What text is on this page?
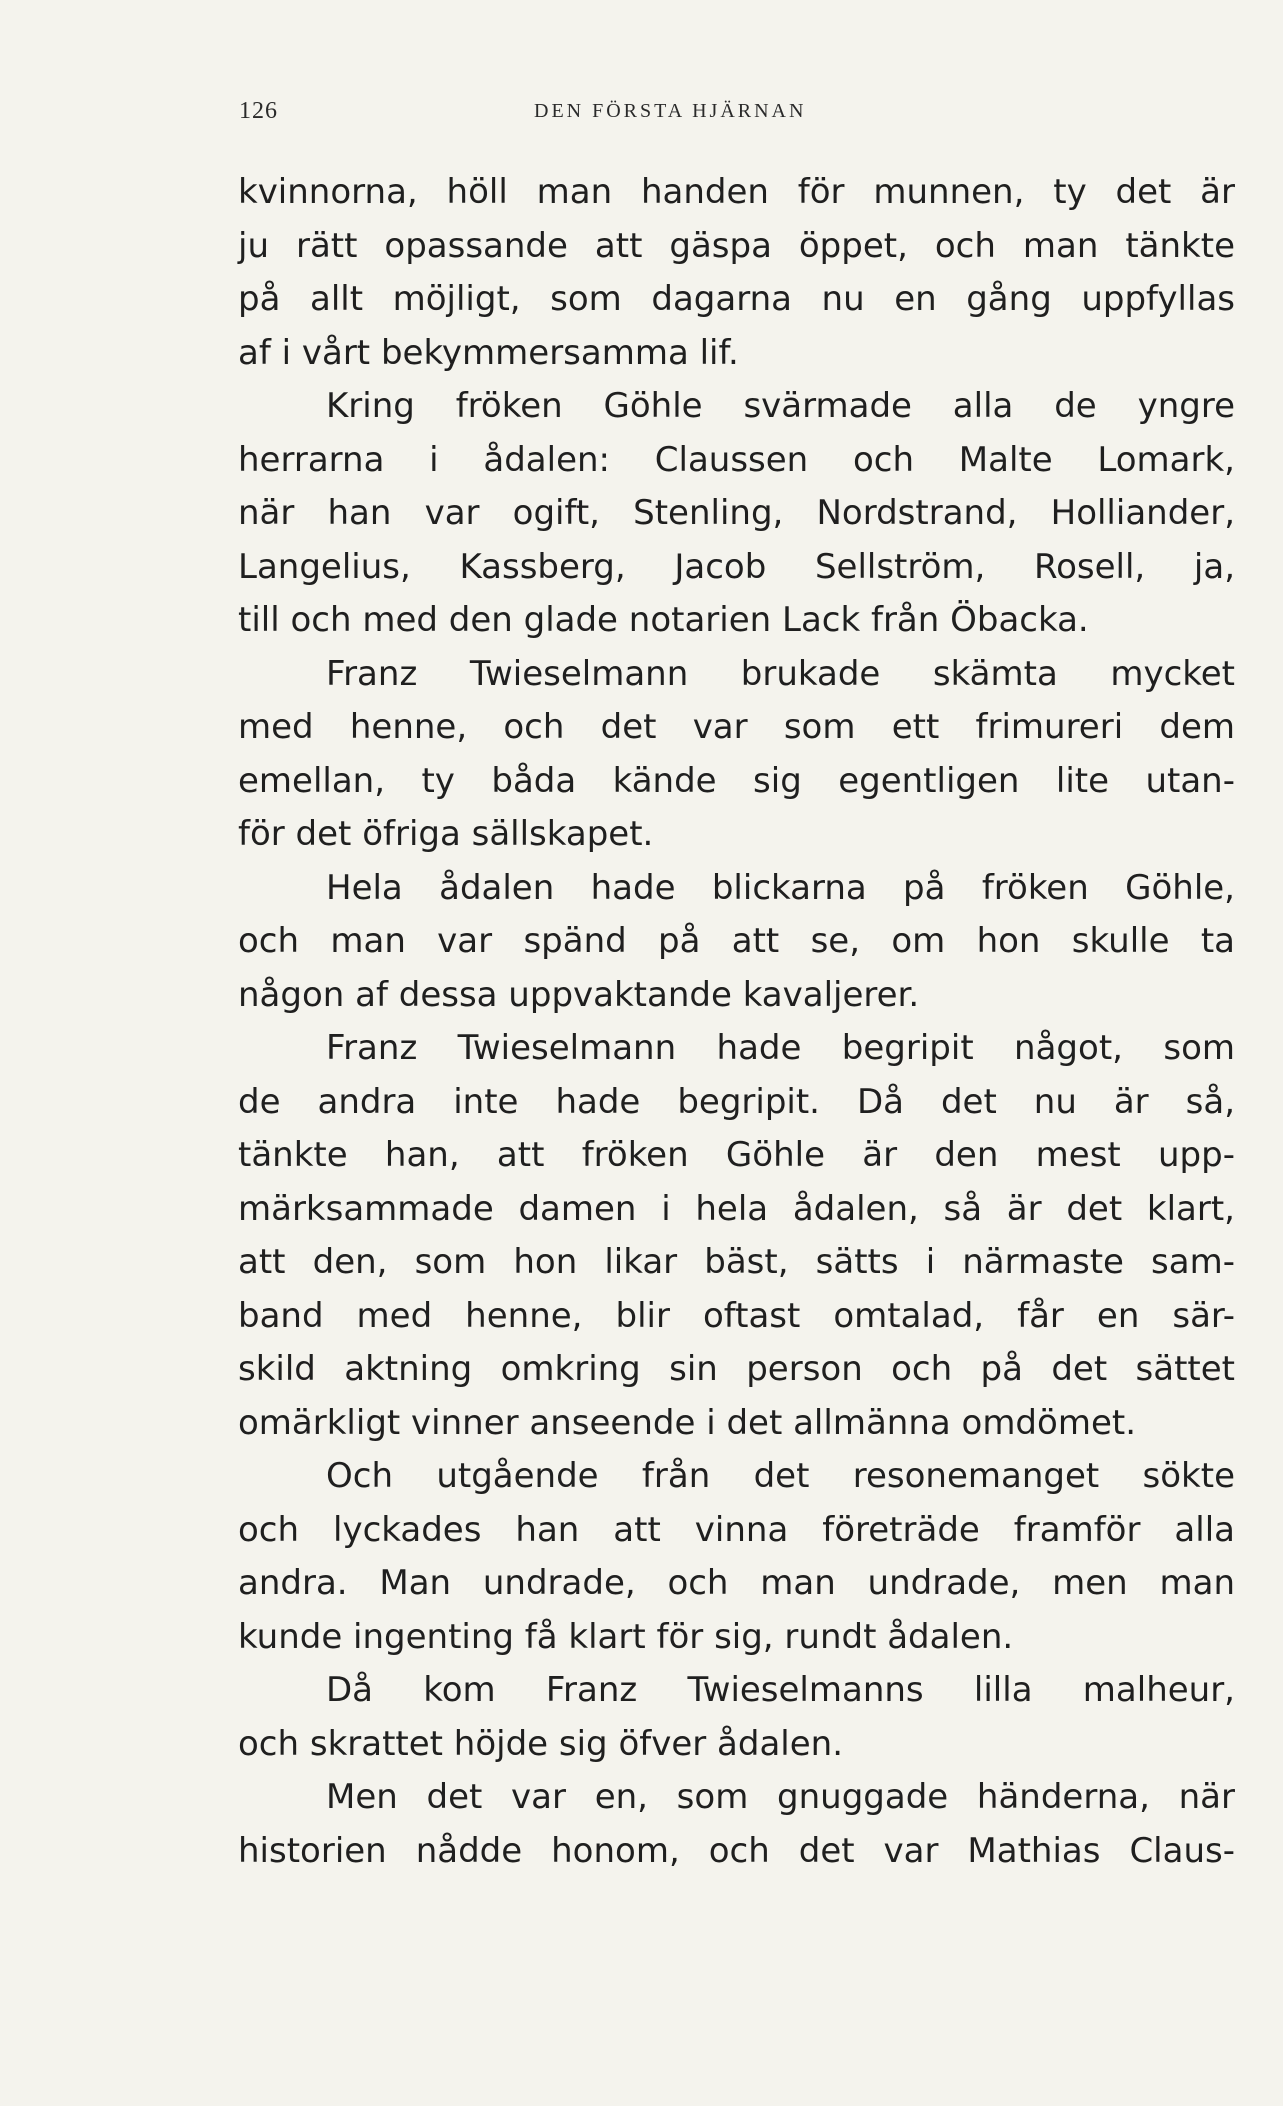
126	DEN FÖRSTA HJÄRNAN
kvinnorna, höll man handen för munnen, ty det är
ju rätt opassande att gäspa öppet, och man tänkte
på allt möjligt, som dagarna nu en gång uppfyllas
af i vårt bekymmersamma lif.
Kring fröken Göhle svärmade alla de yngre
herrarna i ådalen: Claussen och Malte Lomark,
när han var ogift, Stenling, Nordstrand, Holliander,
Langelius, Kassberg, Jacob Sellström, Rosell, ja,
till och med den glade notarien Lack från Öbacka.
Franz Twieselmann brukade skämta mycket
med henne, och det var som ett frimureri dem
emellan, ty båda kände sig egentligen lite utan-
för det öfriga sällskapet.
Hela ådalen hade blickarna på fröken Göhle,
och man var spänd på att se, om hon skulle ta
någon af dessa uppvaktande kavaljerer.
Franz Twieselmann hade begripit något, som
de andra inte hade begripit. Då det nu är så,
tänkte han, att fröken Göhle är den mest upp-
märksammade damen i hela ådalen, så är det klart,
att den, som hon likar bäst, sätts i närmaste sam-
band med henne, blir oftast omtalad, får en sär-
skild aktning omkring sin person och på det sättet
omärkligt vinner anseende i det allmänna omdömet.
Och utgående från det resonemanget sökte
och lyckades han att vinna företräde framför alla
andra. Man undrade, och man undrade, men man
kunde ingenting få klart för sig, rundt ådalen.
Då kom Franz Twieselmanns lilla malheur,
och skrattet höjde sig öfver ådalen.
Men det var en, som gnuggade händerna, när
historien nådde honom, och det var Mathias Claus-
